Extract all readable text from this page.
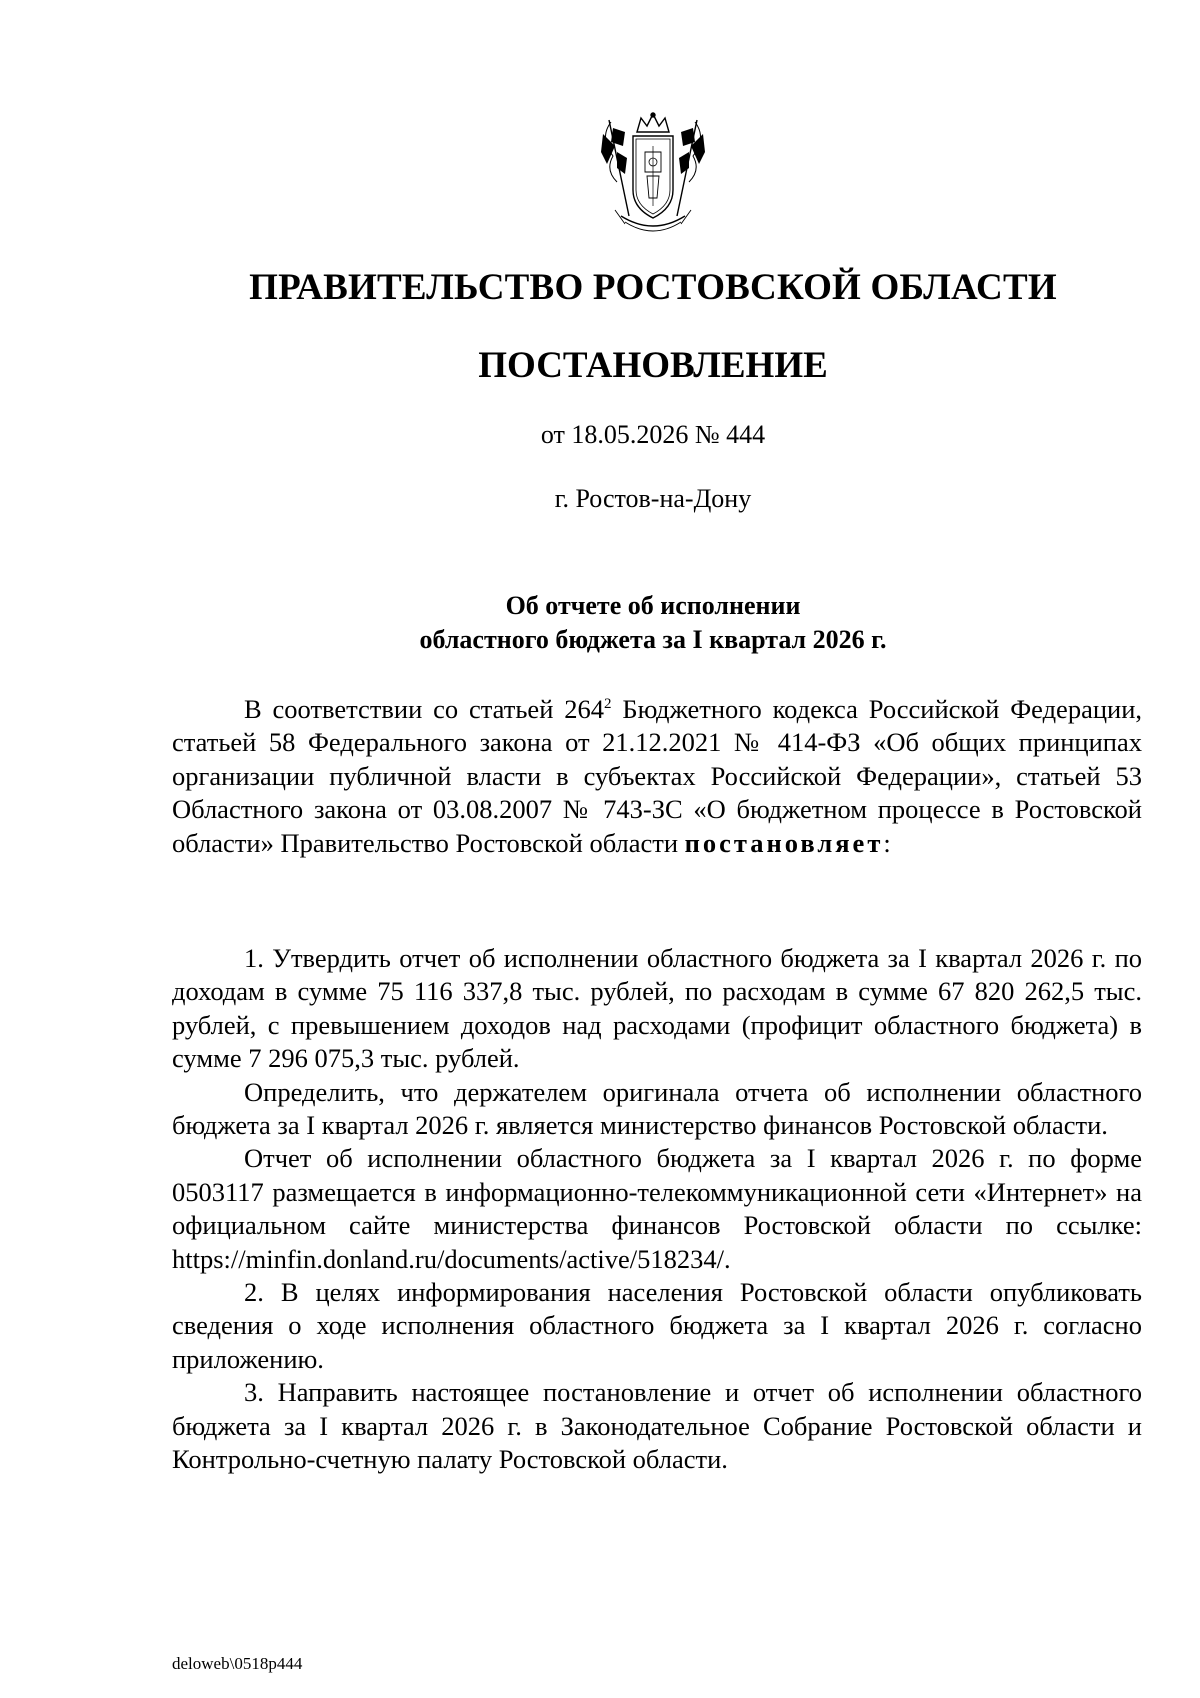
ПРАВИТЕЛЬСТВО РОСТОВСКОЙ ОБЛАСТИ
ПОСТАНОВЛЕНИЕ
от 18.05.2026 № 444
г. Ростов-на-Дону
Об отчете об исполнении
областного бюджета за I квартал 2026 г.

В соответствии со статьей $264^2$ Бюджетного кодекса Российской Федерации, статьей 58 Федерального закона от 21.12.2021 № 414-ФЗ «Об общих принципах организации публичной власти в субъектах Российской Федерации», статьей 53 Областного закона от 03.08.2007 № 743-ЗС «О бюджетном процессе в Ростовской области» Правительство Ростовской области постановляет:

1. Утвердить отчет об исполнении областного бюджета за I квартал 2026 г. по доходам в сумме 75 116 337,8 тыс. рублей, по расходам в сумме 67 820 262,5 тыс. рублей, с превышением доходов над расходами (профицит областного бюджета) в сумме 7 296 075,3 тыс. рублей.

Определить, что держателем оригинала отчета об исполнении областного бюджета за I квартал 2026 г. является министерство финансов Ростовской области.

Отчет об исполнении областного бюджета за I квартал 2026 г. по форме 0503117 размещается в информационно-телекоммуникационной сети «Интернет» на официальном сайте министерства финансов Ростовской области по ссылке: https://minfin.donland.ru/documents/active/518234/.

2. В целях информирования населения Ростовской области опубликовать сведения о ходе исполнения областного бюджета за I квартал 2026 г. согласно приложению.

3. Направить настоящее постановление и отчет об исполнении областного бюджета за I квартал 2026 г. в Законодательное Собрание Ростовской области и Контрольно-счетную палату Ростовской области.

deloweb\0518p444
